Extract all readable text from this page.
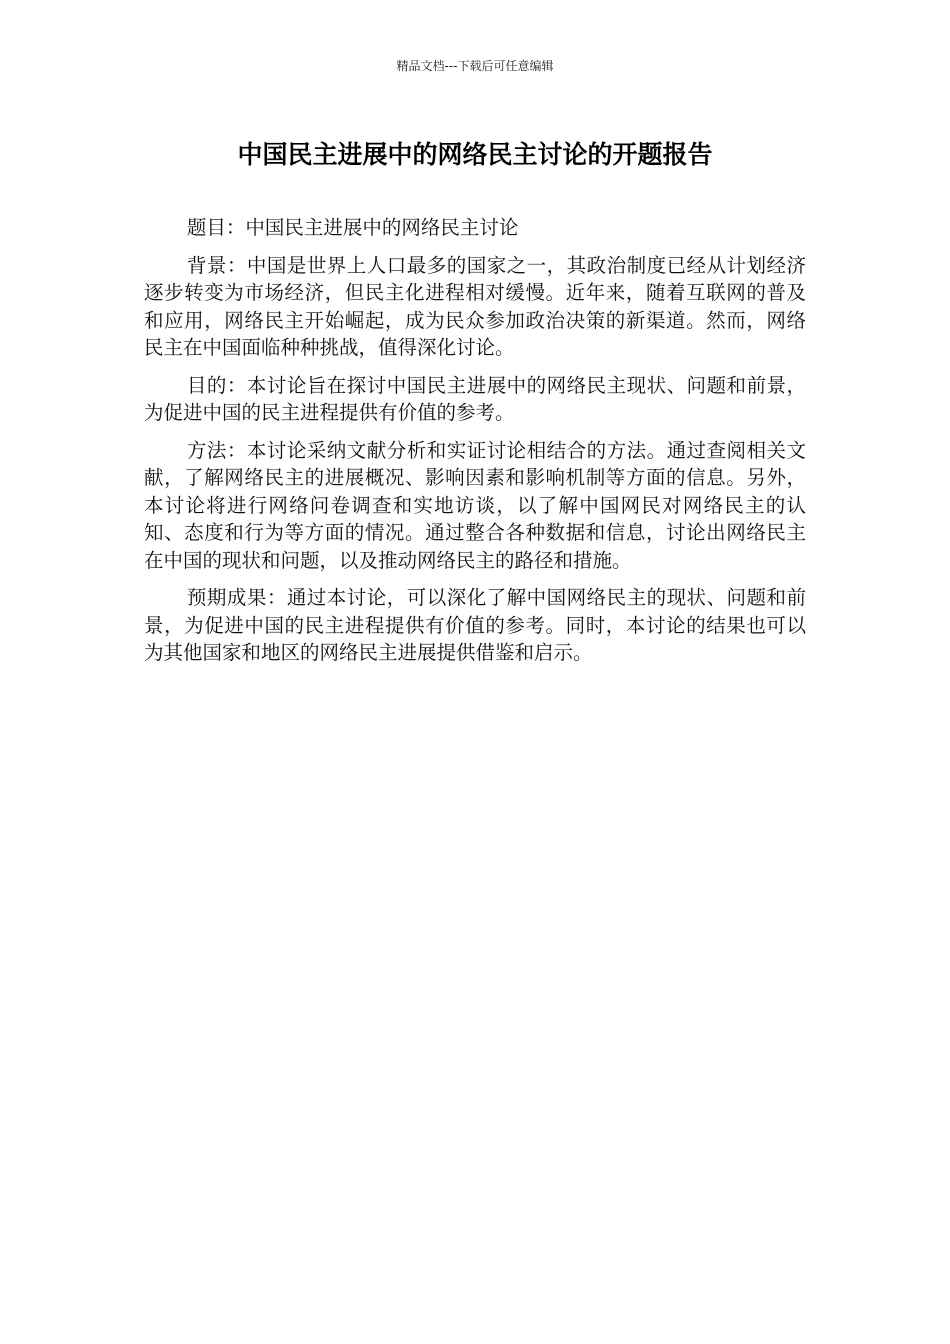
精品文档---下载后可任意编辑
中国民主进展中的网络民主讨论的开题报告

题目：中国民主进展中的网络民主讨论

背景：中国是世界上人口最多的国家之一，其政治制度已经从计划经济逐步转变为市场经济，但民主化进程相对缓慢。近年来，随着互联网的普及和应用，网络民主开始崛起，成为民众参加政治决策的新渠道。然而，网络民主在中国面临种种挑战，值得深化讨论。

目的：本讨论旨在探讨中国民主进展中的网络民主现状、问题和前景，为促进中国的民主进程提供有价值的参考。

方法：本讨论采纳文献分析和实证讨论相结合的方法。通过查阅相关文献，了解网络民主的进展概况、影响因素和影响机制等方面的信息。另外，本讨论将进行网络问卷调查和实地访谈，以了解中国网民对网络民主的认知、态度和行为等方面的情况。通过整合各种数据和信息，讨论出网络民主在中国的现状和问题，以及推动网络民主的路径和措施。

预期成果：通过本讨论，可以深化了解中国网络民主的现状、问题和前景，为促进中国的民主进程提供有价值的参考。同时，本讨论的结果也可以为其他国家和地区的网络民主进展提供借鉴和启示。
